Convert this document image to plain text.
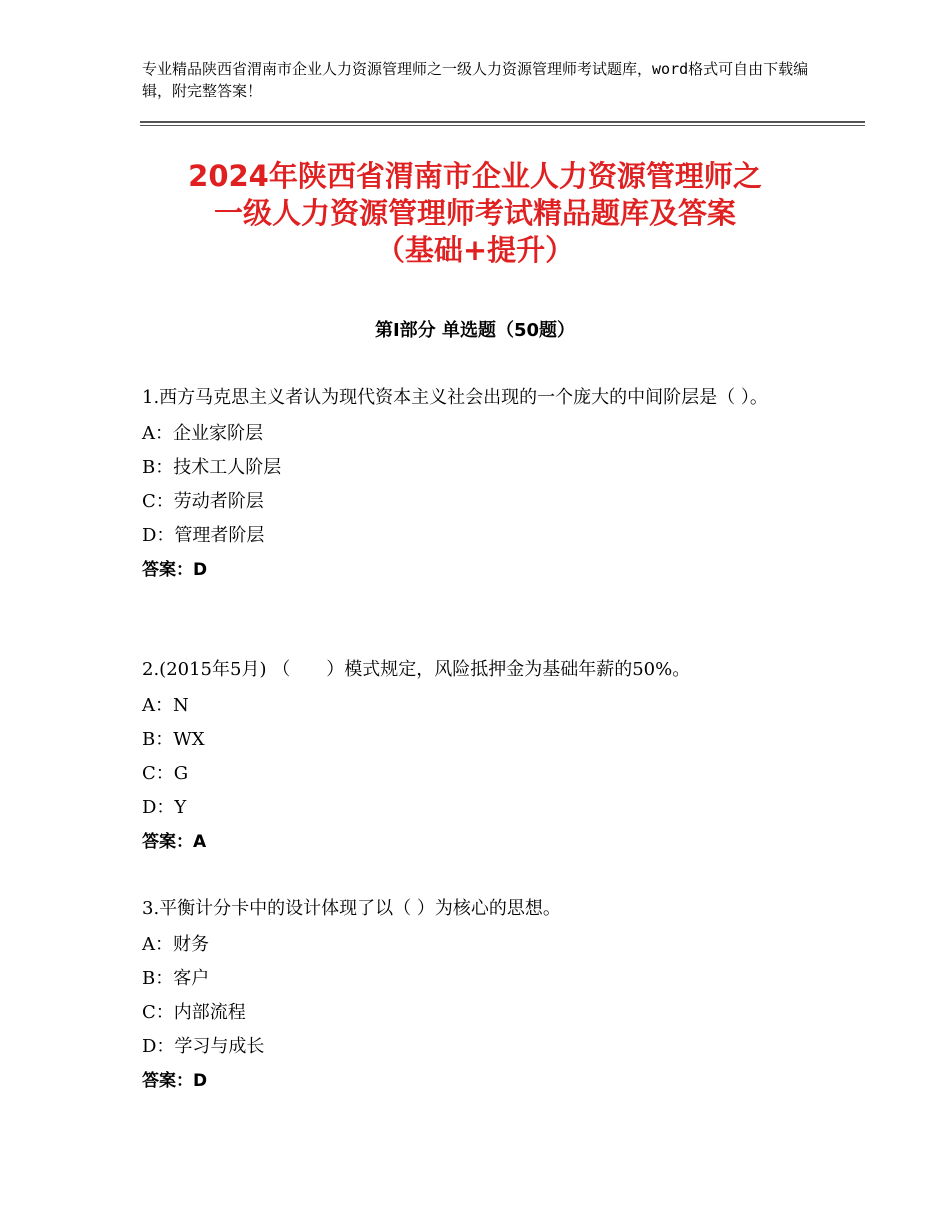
专业精品陕西省渭南市企业人力资源管理师之一级人力资源管理师考试题库，word格式可自由下载编辑，附完整答案！
2024年陕西省渭南市企业人力资源管理师之
一级人力资源管理师考试精品题库及答案
（基础+提升）
第Ⅰ部分 单选题（50题）
1.西方马克思主义者认为现代资本主义社会出现的一个庞大的中间阶层是（ ）。
A：企业家阶层
B：技术工人阶层
C：劳动者阶层
D：管理者阶层
答案：D
2.(2015年5月) （　　）模式规定，风险抵押金为基础年薪的50%。
A：N
B：WX
C：G
D：Y
答案：A
3.平衡计分卡中的设计体现了以（ ）为核心的思想。
A：财务
B：客户
C：内部流程
D：学习与成长
答案：D
